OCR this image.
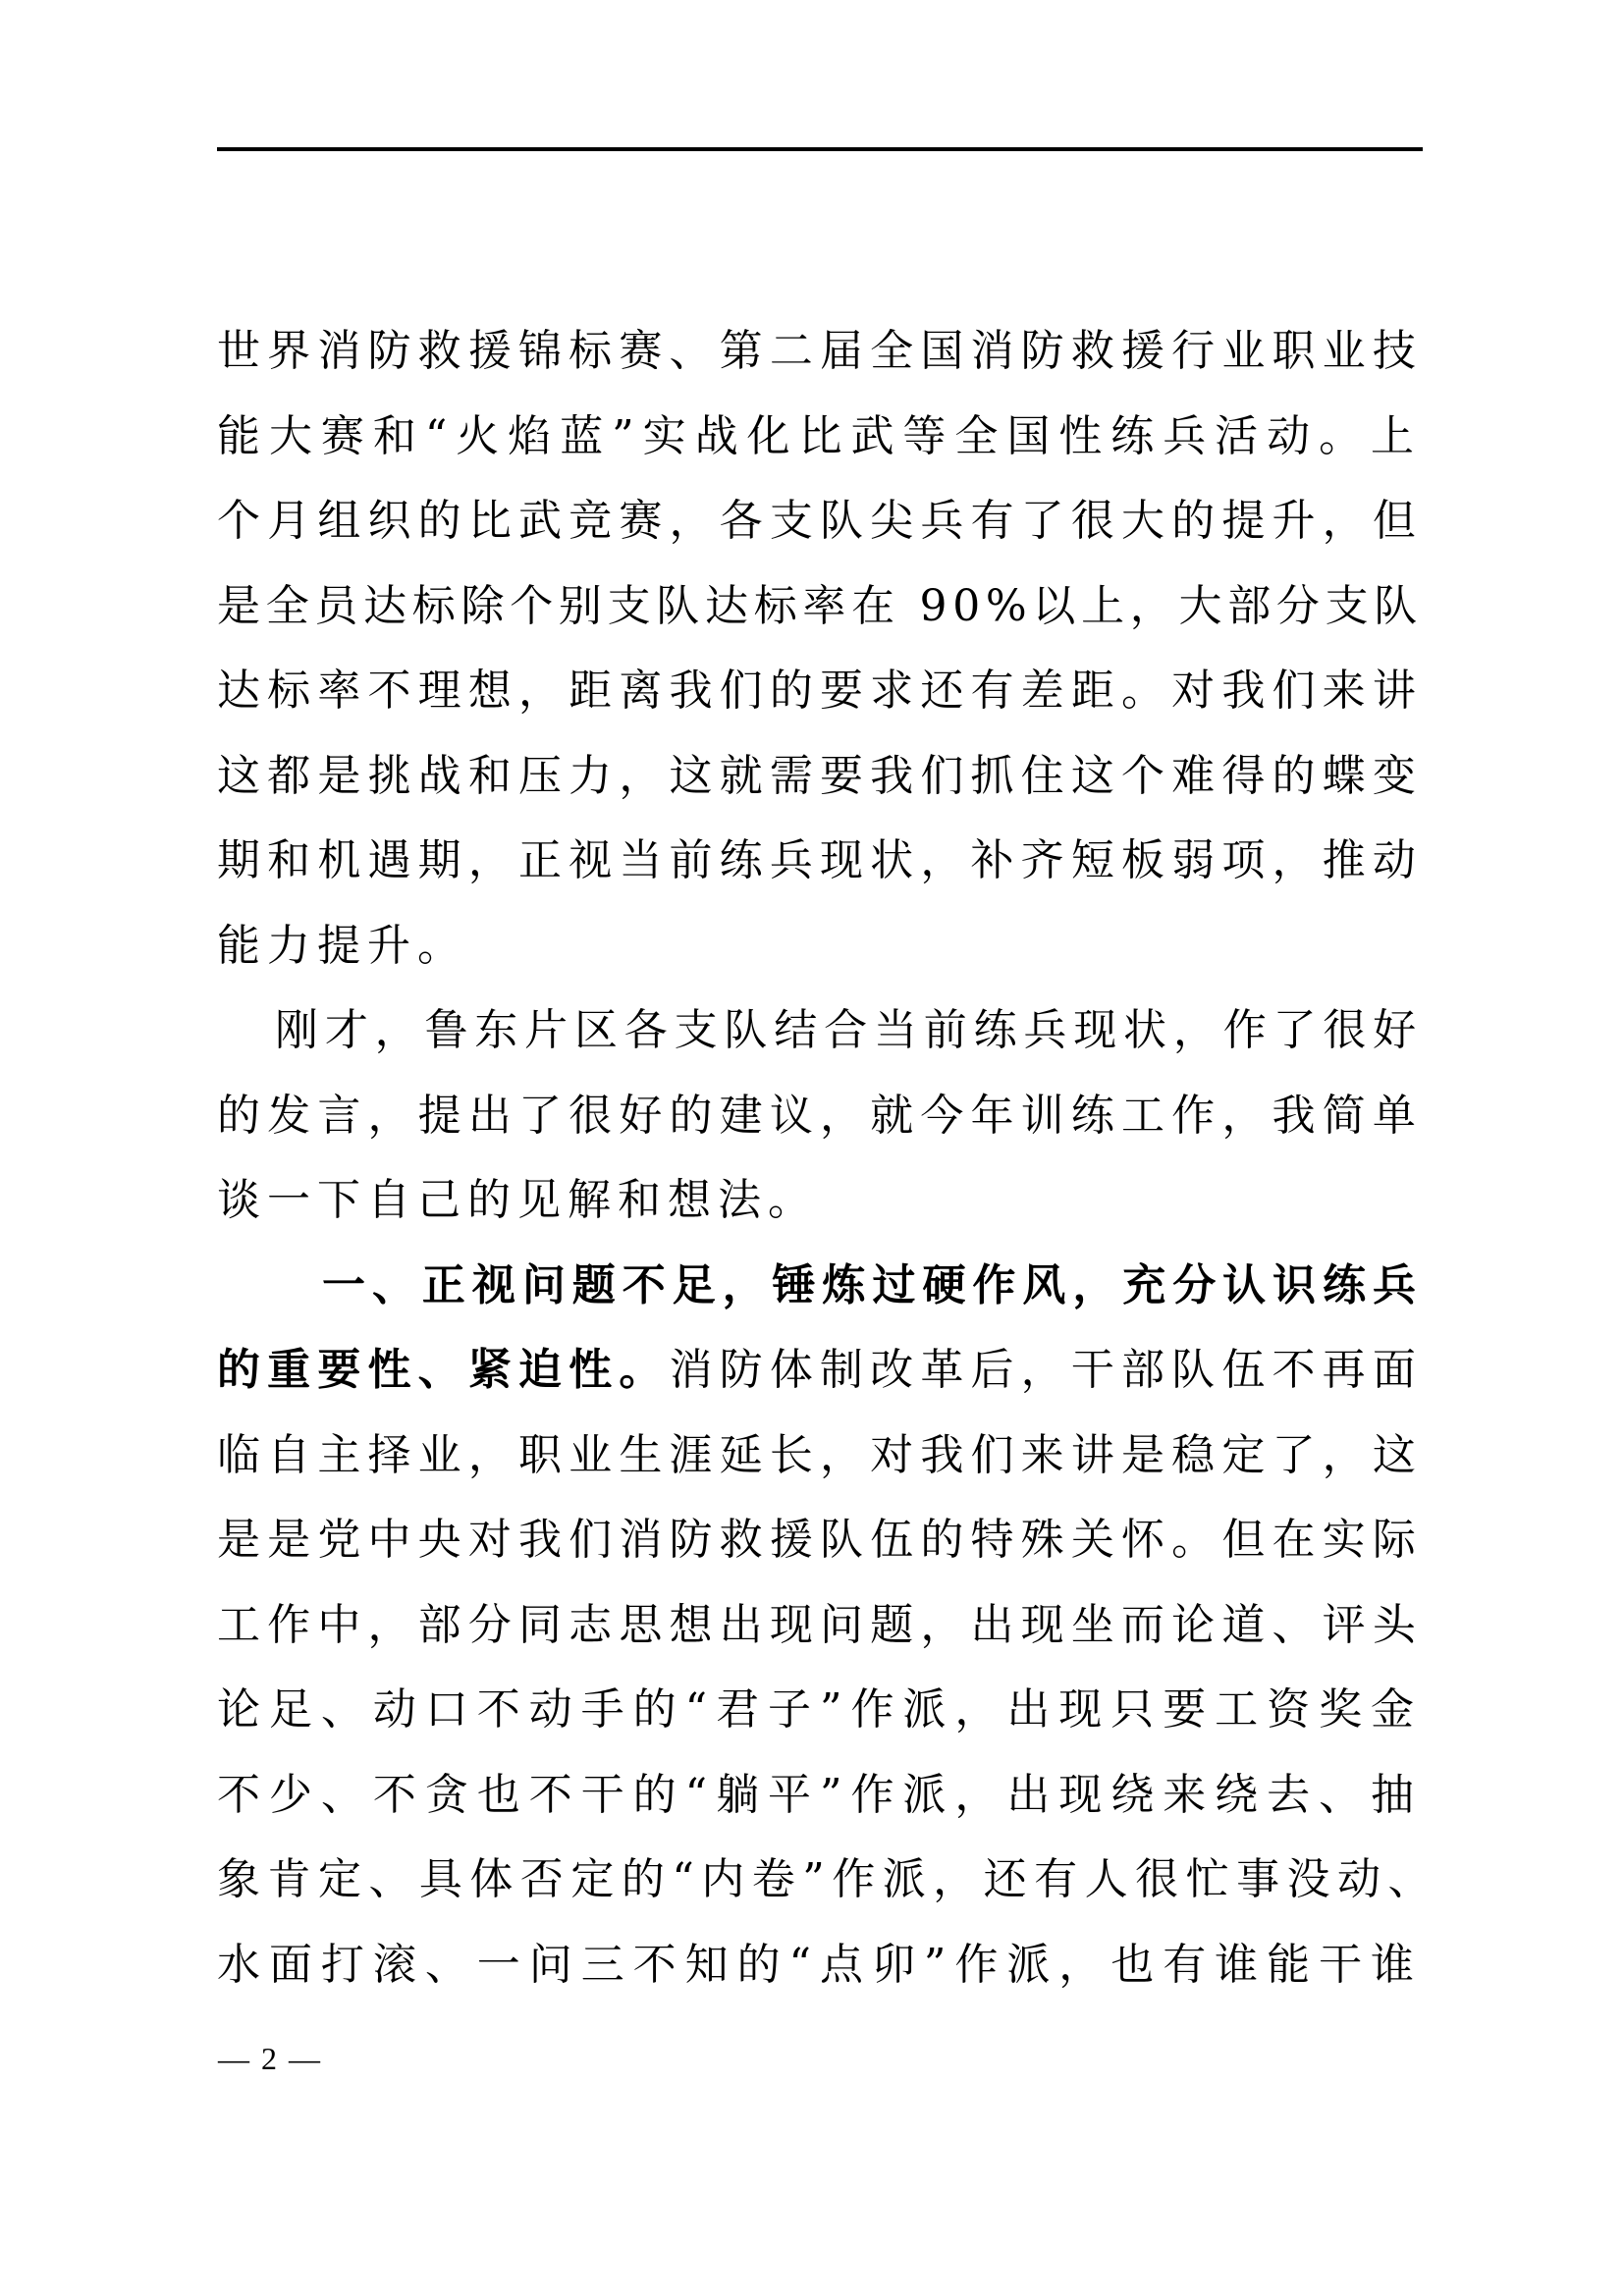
世界消防救援锦标赛、第二届全国消防救援行业职业技
能大赛和“火焰蓝”实战化比武等全国性练兵活动。上
个月组织的比武竞赛，各支队尖兵有了很大的提升，但
是全员达标除个别支队达标率在 90%以上，大部分支队
达标率不理想，距离我们的要求还有差距。对我们来讲
这都是挑战和压力，这就需要我们抓住这个难得的蝶变
期和机遇期，正视当前练兵现状，补齐短板弱项，推动
能力提升。
刚才，鲁东片区各支队结合当前练兵现状，作了很好
的发言，提出了很好的建议，就今年训练工作，我简单
谈一下自己的见解和想法。
一、正视问题不足，锤炼过硬作风，充分认识练兵
的重要性、紧迫性。消防体制改革后，干部队伍不再面
临自主择业，职业生涯延长，对我们来讲是稳定了，这
是是党中央对我们消防救援队伍的特殊关怀。但在实际
工作中，部分同志思想出现问题，出现坐而论道、评头
论足、动口不动手的“君子”作派，出现只要工资奖金
不少、不贪也不干的“躺平”作派，出现绕来绕去、抽
象肯定、具体否定的“内卷”作派，还有人很忙事没动、
水面打滚、一问三不知的“点卯”作派，也有谁能干谁
— 2 —
